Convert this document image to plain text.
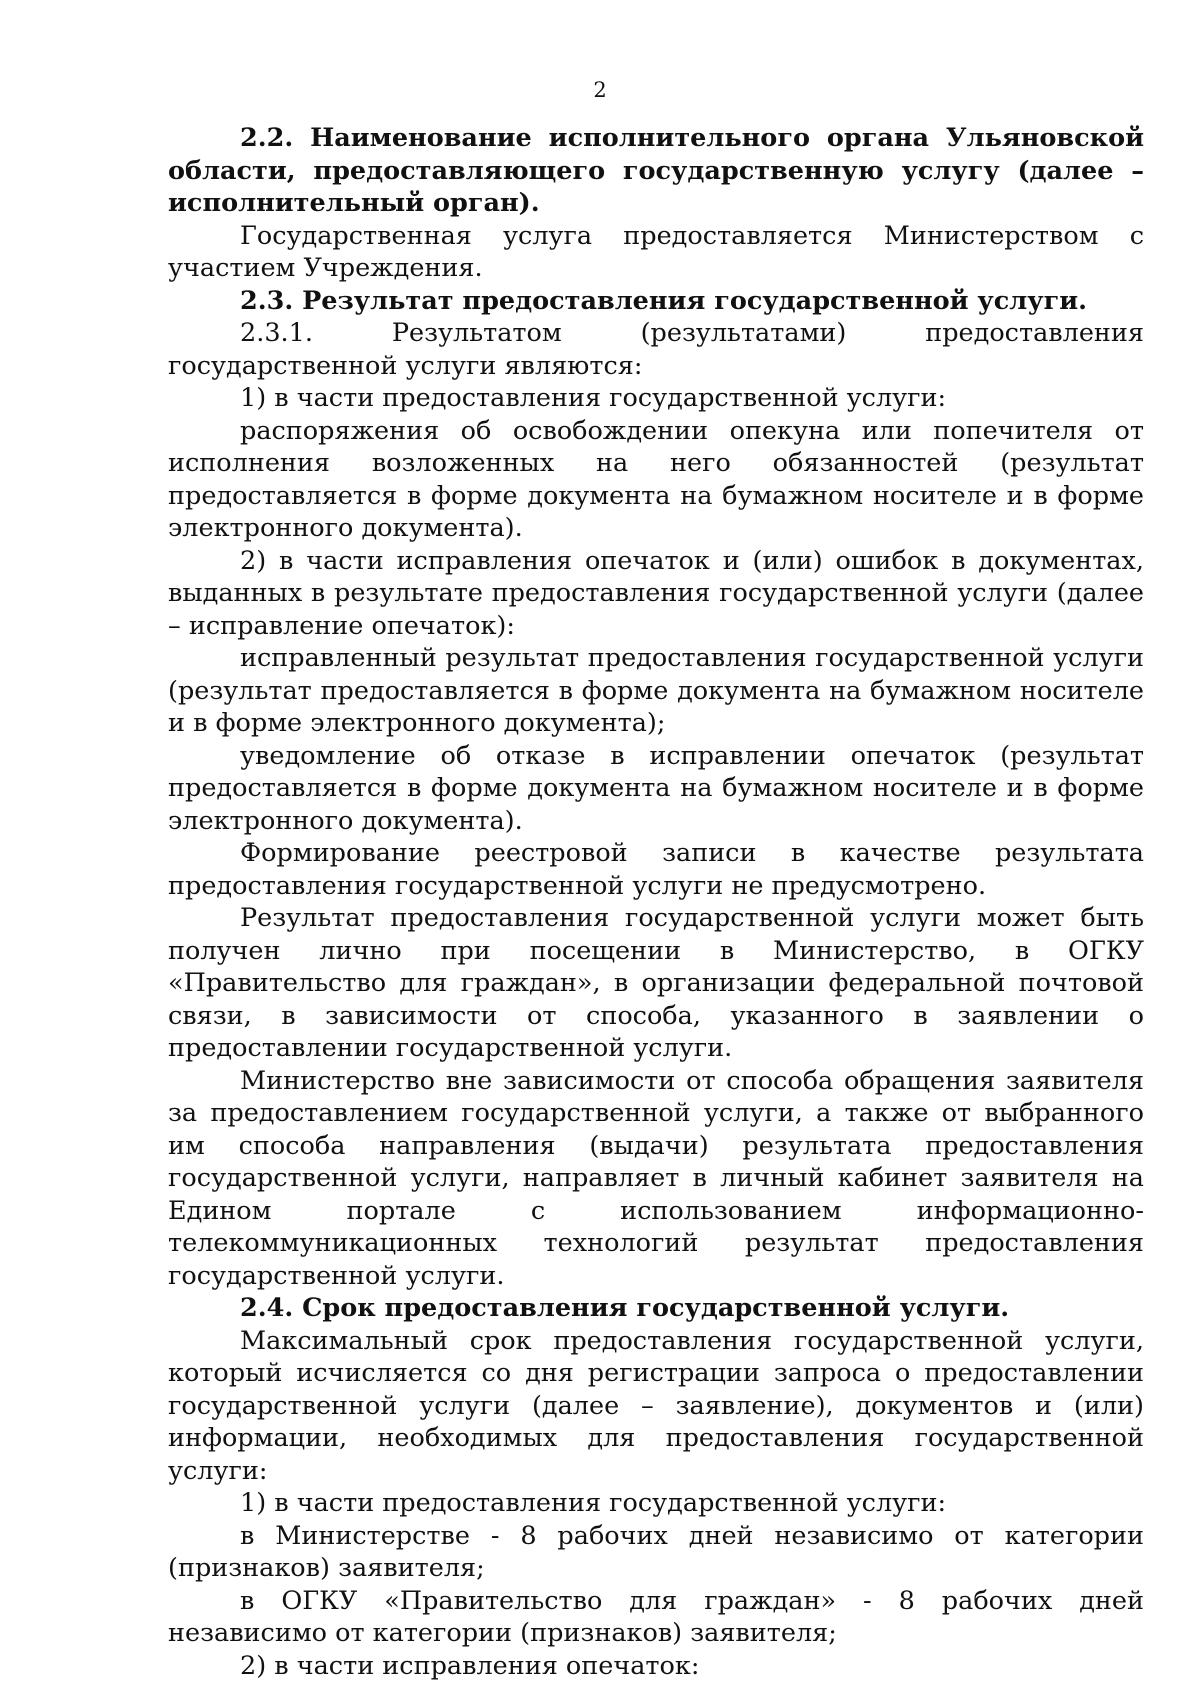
2

2.2. Наименование исполнительного органа Ульяновской области, предоставляющего государственную услугу (далее – исполнительный орган).

Государственная услуга предоставляется Министерством с участием Учреждения.

2.3. Результат предоставления государственной услуги.

2.3.1. Результатом (результатами) предоставления государственной услуги являются:

1) в части предоставления государственной услуги:

распоряжения об освобождении опекуна или попечителя от исполнения возложенных на него обязанностей (результат предоставляется в форме документа на бумажном носителе и в форме электронного документа).

2) в части исправления опечаток и (или) ошибок в документах, выданных в результате предоставления государственной услуги (далее – исправление опечаток):

исправленный результат предоставления государственной услуги (результат предоставляется в форме документа на бумажном носителе и в форме электронного документа);

уведомление об отказе в исправлении опечаток (результат предоставляется в форме документа на бумажном носителе и в форме электронного документа).

Формирование реестровой записи в качестве результата предоставления государственной услуги не предусмотрено.

Результат предоставления государственной услуги может быть получен лично при посещении в Министерство, в ОГКУ «Правительство для граждан», в организации федеральной почтовой связи, в зависимости от способа, указанного в заявлении о предоставлении государственной услуги.

Министерство вне зависимости от способа обращения заявителя за предоставлением государственной услуги, а также от выбранного им способа направления (выдачи) результата предоставления государственной услуги, направляет в личный кабинет заявителя на Едином портале с использованием информационно-телекоммуникационных технологий результат предоставления государственной услуги.

2.4. Срок предоставления государственной услуги.

Максимальный срок предоставления государственной услуги, который исчисляется со дня регистрации запроса о предоставлении государственной услуги (далее – заявление), документов и (или) информации, необходимых для предоставления государственной услуги:

1) в части предоставления государственной услуги:

в Министерстве - 8 рабочих дней независимо от категории (признаков) заявителя;

в ОГКУ «Правительство для граждан» - 8 рабочих дней независимо от категории (признаков) заявителя;

2) в части исправления опечаток:
